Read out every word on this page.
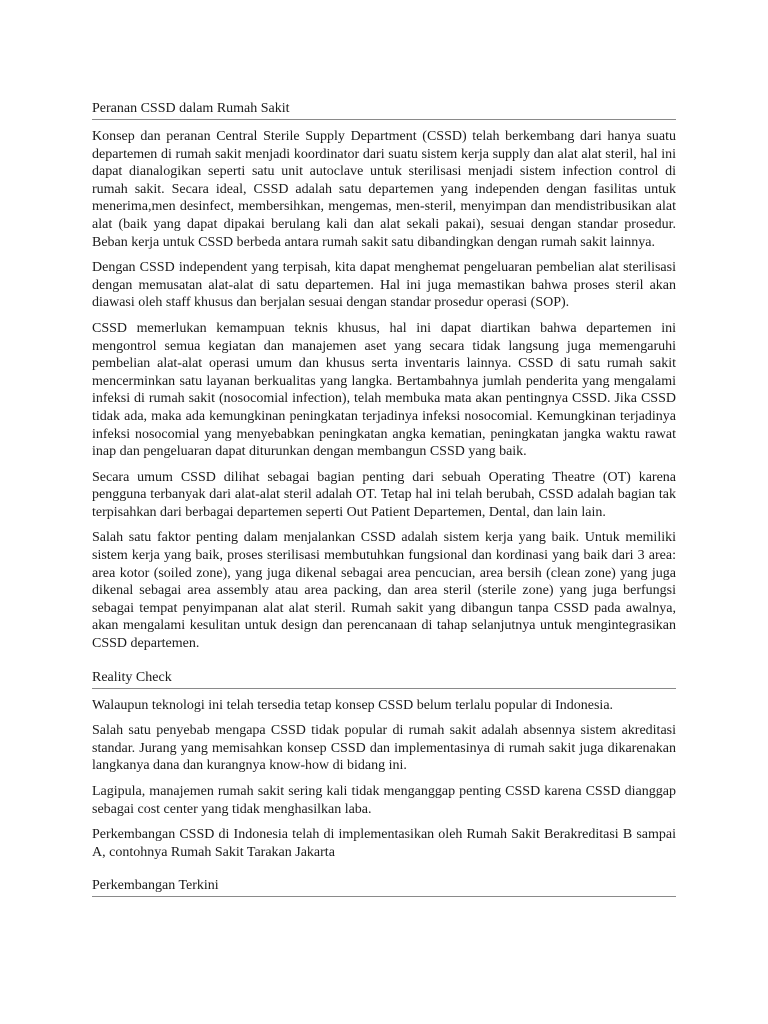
Peranan CSSD dalam Rumah Sakit

Konsep dan peranan Central Sterile Supply Department (CSSD) telah berkembang dari hanya suatu departemen di rumah sakit menjadi koordinator dari suatu sistem kerja supply dan alat alat steril, hal ini dapat dianalogikan seperti satu unit autoclave untuk sterilisasi menjadi sistem infection control di rumah sakit. Secara ideal, CSSD adalah satu departemen yang independen dengan fasilitas untuk menerima,men desinfect, membersihkan, mengemas, men-steril, menyimpan dan mendistribusikan alat alat (baik yang dapat dipakai berulang kali dan alat sekali pakai), sesuai dengan standar prosedur. Beban kerja untuk CSSD berbeda antara rumah sakit satu dibandingkan dengan rumah sakit lainnya.

Dengan CSSD independent yang terpisah, kita dapat menghemat pengeluaran pembelian alat sterilisasi dengan memusatan alat-alat di satu departemen. Hal ini juga memastikan bahwa proses steril akan diawasi oleh staff khusus dan berjalan sesuai dengan standar prosedur operasi (SOP).

CSSD memerlukan kemampuan teknis khusus, hal ini dapat diartikan bahwa departemen ini mengontrol semua kegiatan dan manajemen aset yang secara tidak langsung juga memengaruhi pembelian alat-alat operasi umum dan khusus serta inventaris lainnya. CSSD di satu rumah sakit mencerminkan satu layanan berkualitas yang langka. Bertambahnya jumlah penderita yang mengalami infeksi di rumah sakit (nosocomial infection), telah membuka mata akan pentingnya CSSD. Jika CSSD tidak ada, maka ada kemungkinan peningkatan terjadinya infeksi nosocomial. Kemungkinan terjadinya infeksi nosocomial yang menyebabkan peningkatan angka kematian, peningkatan jangka waktu rawat inap dan pengeluaran dapat diturunkan dengan membangun CSSD yang baik.

Secara umum CSSD dilihat sebagai bagian penting dari sebuah Operating Theatre (OT) karena pengguna terbanyak dari alat-alat steril adalah OT. Tetap hal ini telah berubah, CSSD adalah bagian tak terpisahkan dari berbagai departemen seperti Out Patient Departemen, Dental, dan lain lain.

Salah satu faktor penting dalam menjalankan CSSD adalah sistem kerja yang baik. Untuk memiliki sistem kerja yang baik, proses sterilisasi membutuhkan fungsional dan kordinasi yang baik dari 3 area: area kotor (soiled zone), yang juga dikenal sebagai area pencucian, area bersih (clean zone) yang juga dikenal sebagai area assembly atau area packing, dan area steril (sterile zone) yang juga berfungsi sebagai tempat penyimpanan alat alat steril. Rumah sakit yang dibangun tanpa CSSD pada awalnya, akan mengalami kesulitan untuk design dan perencanaan di tahap selanjutnya untuk mengintegrasikan CSSD departemen.

Reality Check

Walaupun teknologi ini telah tersedia tetap konsep CSSD belum terlalu popular di Indonesia.

Salah satu penyebab mengapa CSSD tidak popular di rumah sakit adalah absennya sistem akreditasi standar. Jurang yang memisahkan konsep CSSD dan implementasinya di rumah sakit juga dikarenakan langkanya dana dan kurangnya know-how di bidang ini.

Lagipula, manajemen rumah sakit sering kali tidak menganggap penting CSSD karena CSSD dianggap sebagai cost center yang tidak menghasilkan laba.

Perkembangan CSSD di Indonesia telah di implementasikan oleh Rumah Sakit Berakreditasi B sampai A, contohnya Rumah Sakit Tarakan Jakarta

Perkembangan Terkini
